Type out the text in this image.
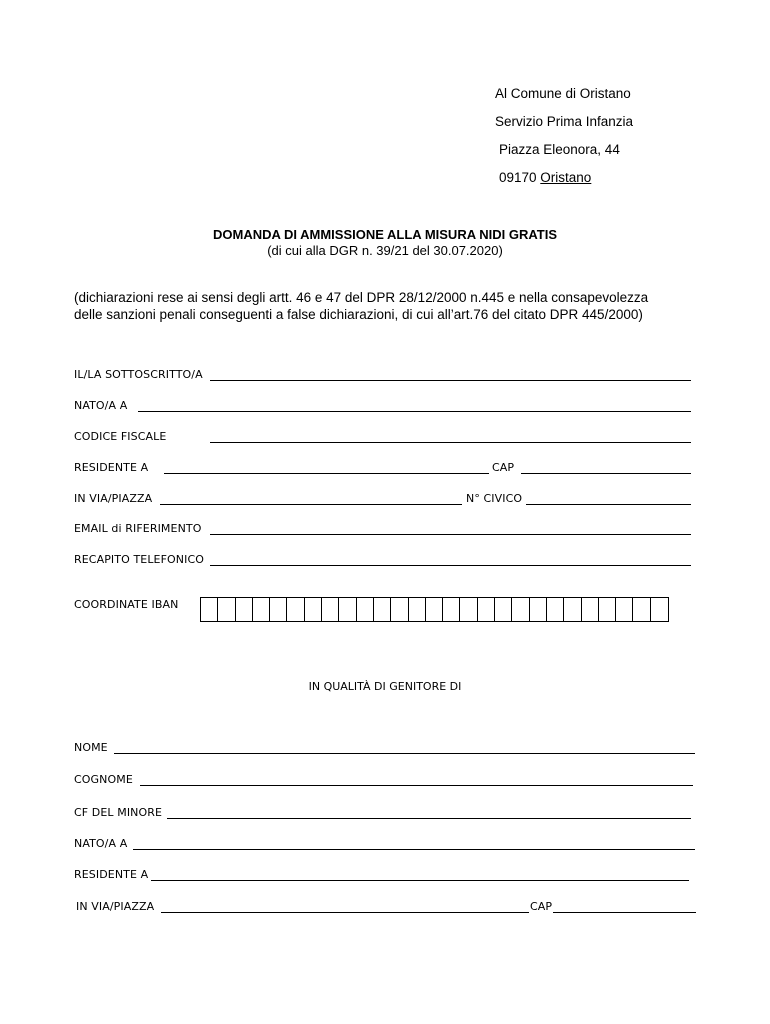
Al Comune di Oristano
Servizio Prima Infanzia
Piazza Eleonora, 44
09170 Oristano
DOMANDA DI AMMISSIONE ALLA MISURA NIDI GRATIS
(di cui alla DGR n. 39/21 del 30.07.2020)
(dichiarazioni rese ai sensi degli artt. 46 e 47 del DPR 28/12/2000 n.445 e nella consapevolezza
delle sanzioni penali conseguenti a false dichiarazioni, di cui all’art.76 del citato DPR 445/2000)
IL/LA SOTTOSCRITTO/A
NATO/A A
CODICE FISCALE
RESIDENTE A	CAP
IN VIA/PIAZZA	N° CIVICO
EMAIL di RIFERIMENTO
RECAPITO TELEFONICO
COORDINATE IBAN
IN QUALITÀ DI GENITORE DI
NOME
COGNOME
CF DEL MINORE
NATO/A A
RESIDENTE A
IN VIA/PIAZZA	CAP
